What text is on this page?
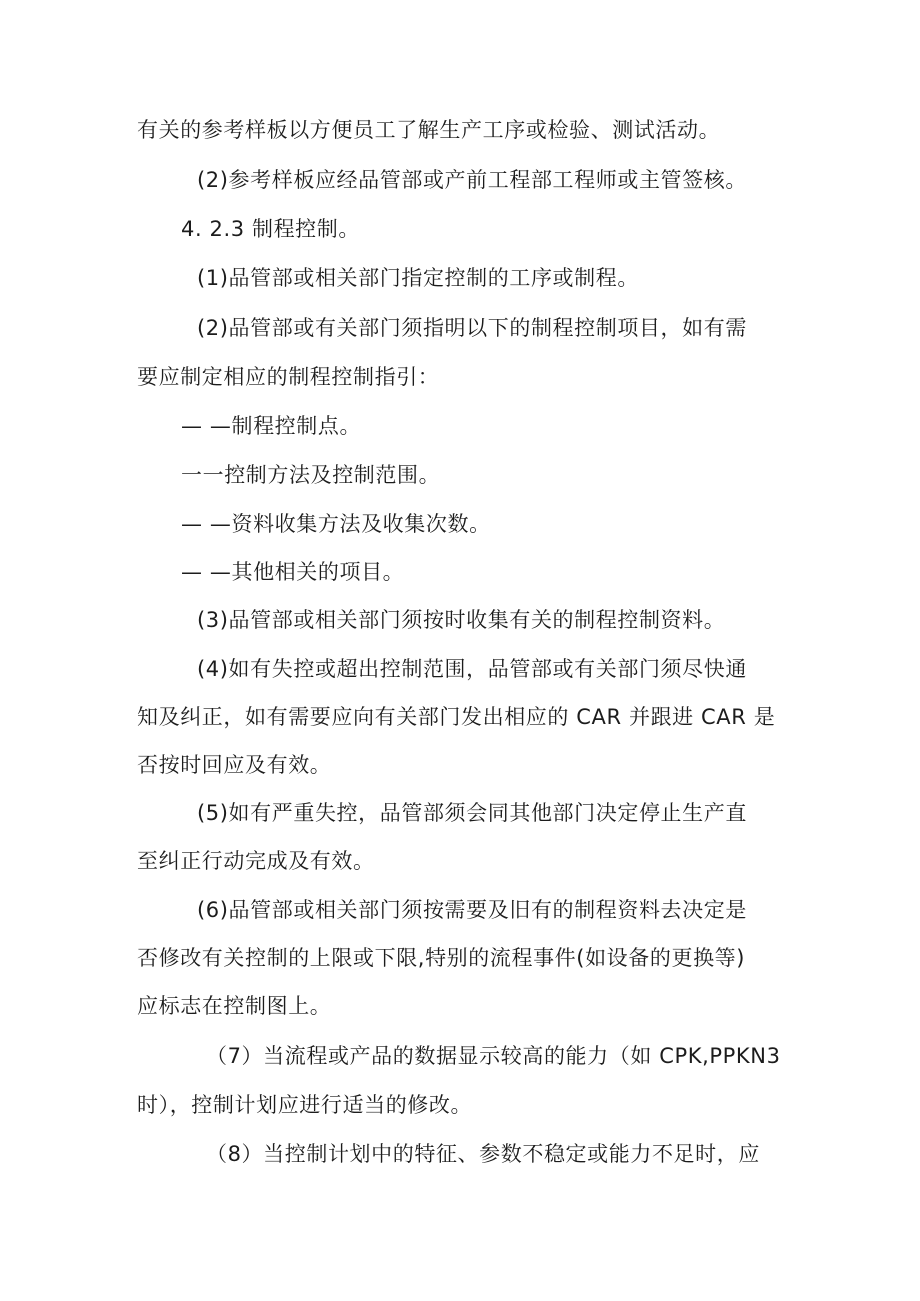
有关的参考样板以方便员工了解生产工序或检验、测试活动。
(2)参考样板应经品管部或产前工程部工程师或主管签核。
4. 2.3 制程控制。
(1)品管部或相关部门指定控制的工序或制程。
(2)品管部或有关部门须指明以下的制程控制项目，如有需
要应制定相应的制程控制指引：
— —制程控制点。
一一控制方法及控制范围。
— —资料收集方法及收集次数。
— —其他相关的项目。
(3)品管部或相关部门须按时收集有关的制程控制资料。
(4)如有失控或超出控制范围，品管部或有关部门须尽快通
知及纠正，如有需要应向有关部门发出相应的 CAR 并跟进 CAR 是
否按时回应及有效。
(5)如有严重失控，品管部须会同其他部门决定停止生产直
至纠正行动完成及有效。
(6)品管部或相关部门须按需要及旧有的制程资料去决定是
否修改有关控制的上限或下限,特别的流程事件(如设备的更换等)
应标志在控制图上。
（7）当流程或产品的数据显示较高的能力（如 CPK,PPKN3
时），控制计划应进行适当的修改。
（8）当控制计划中的特征、参数不稳定或能力不足时，应
